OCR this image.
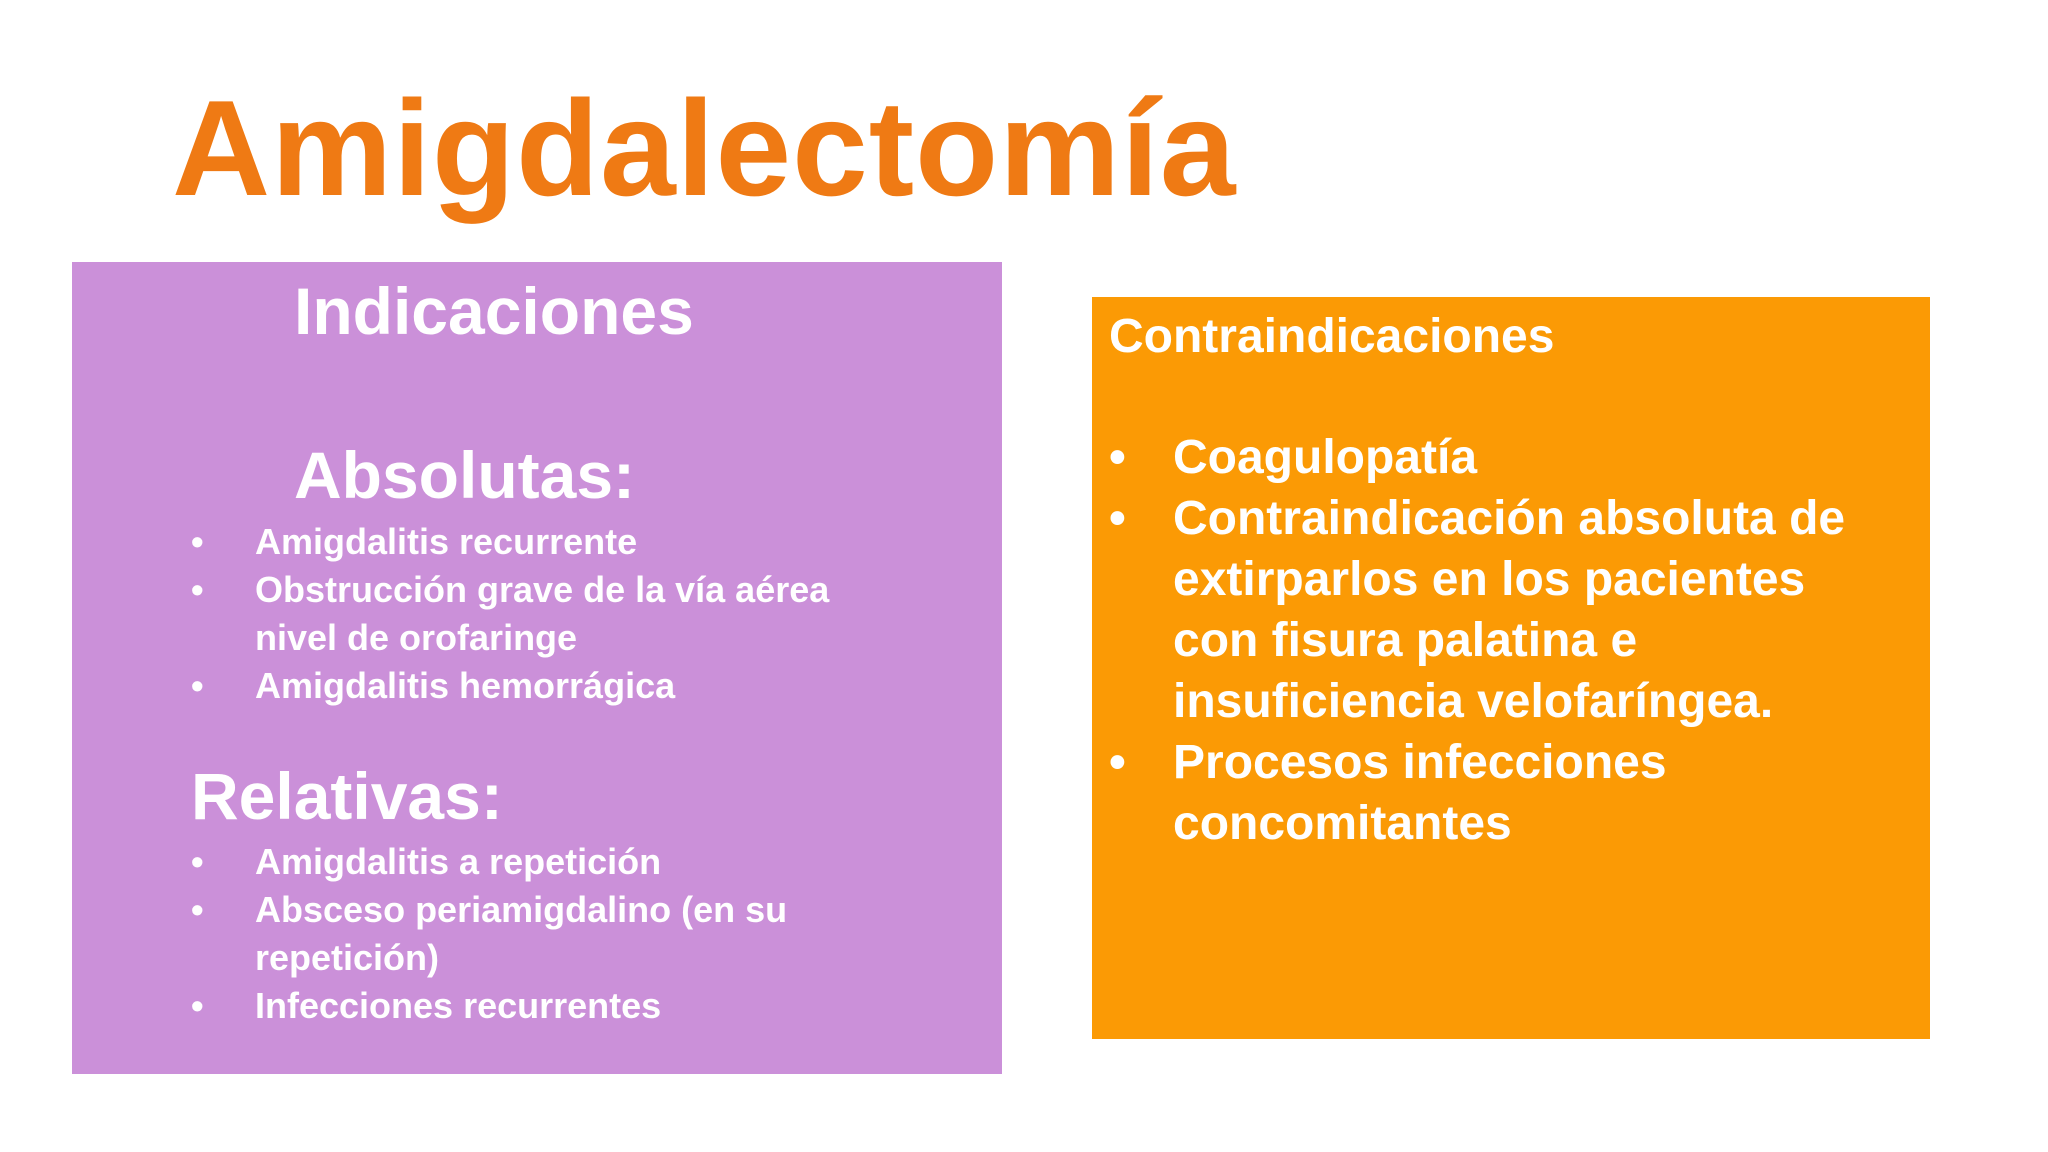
Amigdalectomía
Indicaciones
Absolutas:
• Amigdalitis recurrente
• Obstrucción grave de la vía aérea
nivel de orofaringe
• Amigdalitis hemorrágica
Relativas:
• Amigdalitis a repetición
• Absceso periamigdalino (en su
repetición)
• Infecciones recurrentes
Contraindicaciones
• Coagulopatía
• Contraindicación absoluta de
extirparlos en los pacientes
con fisura palatina e
insuficiencia velofaríngea.
• Procesos infecciones
concomitantes
